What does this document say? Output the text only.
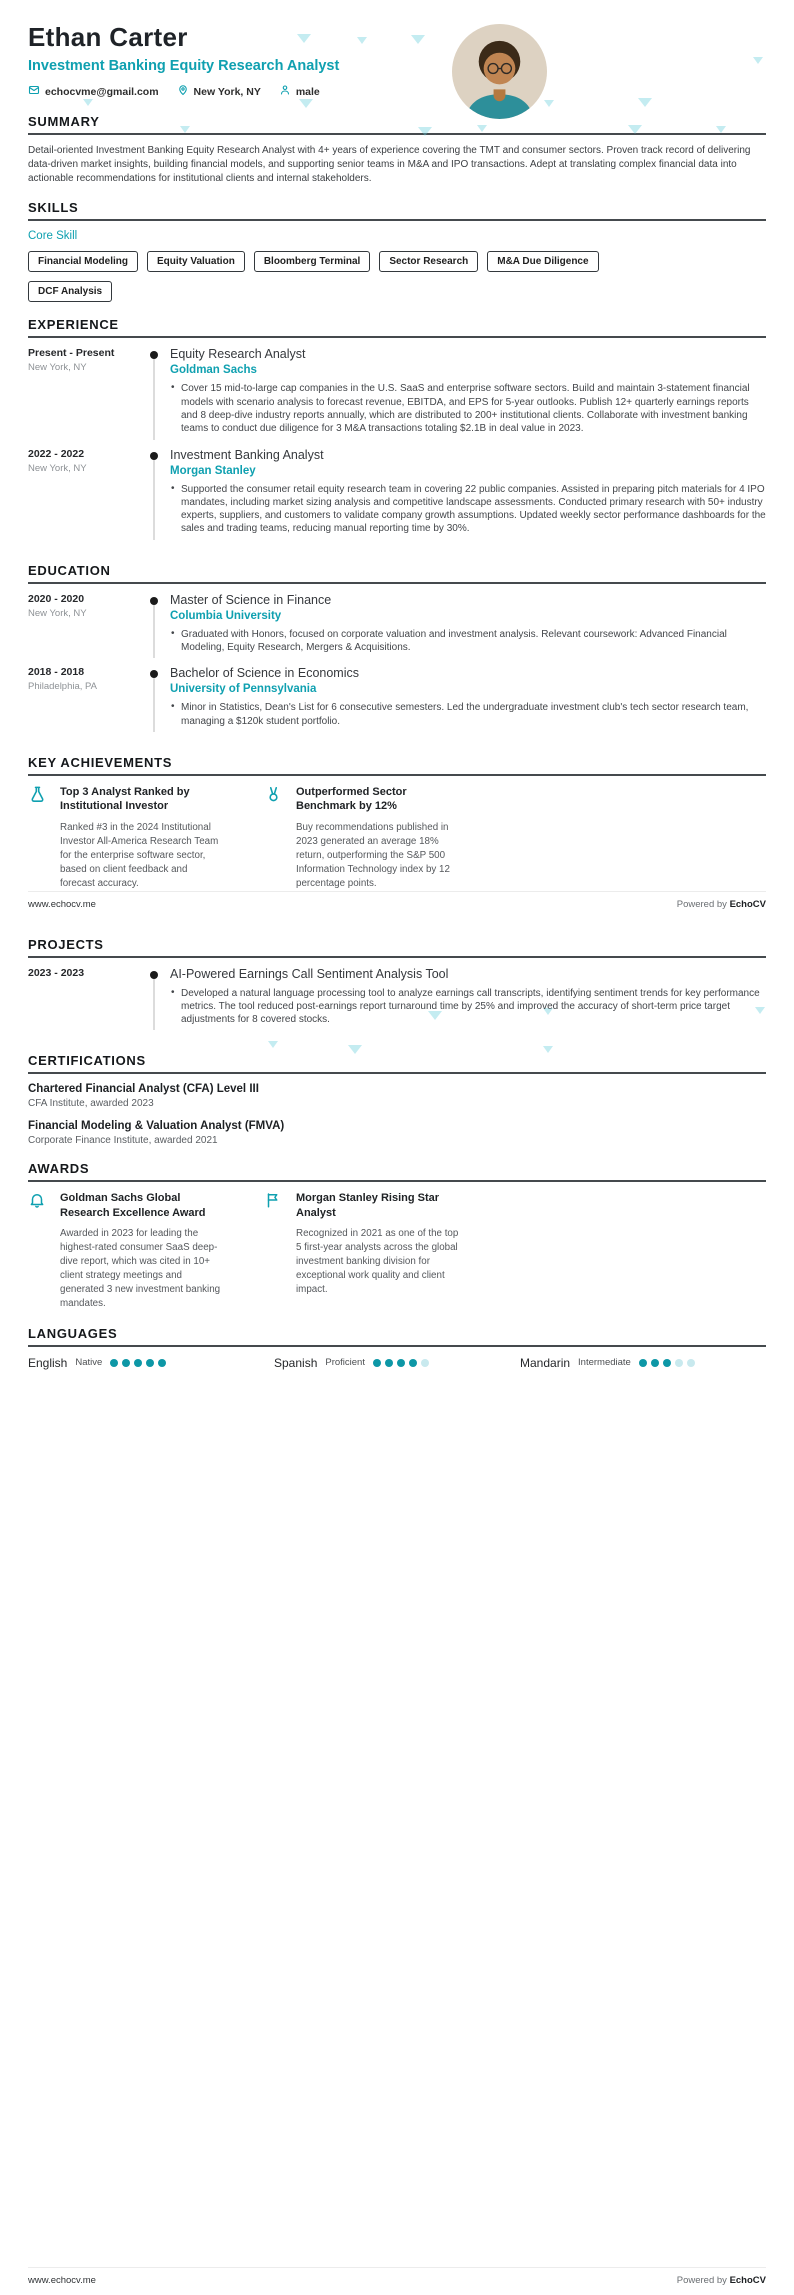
Ethan Carter
Investment Banking Equity Research Analyst
echocvme@gmail.com	New York, NY	male
SUMMARY

Detail-oriented Investment Banking Equity Research Analyst with 4+ years of experience covering the TMT and consumer sectors. Proven track record of delivering data-driven market insights, building financial models, and supporting senior teams in M&A and IPO transactions. Adept at translating complex financial data into actionable recommendations for institutional clients and internal stakeholders.

SKILLS
Core Skill
Financial Modeling	Equity Valuation	Bloomberg Terminal	Sector Research	M&A Due Diligence
DCF Analysis
EXPERIENCE
Present - Present
New York, NY
Equity Research Analyst
Goldman Sachs
• Cover 15 mid-to-large cap companies in the U.S. SaaS and enterprise software sectors. Build and maintain 3-statement financial models with scenario analysis to forecast revenue, EBITDA, and EPS for 5-year outlooks. Publish 12+ quarterly earnings reports and 8 deep-dive industry reports annually, which are distributed to 200+ institutional clients. Collaborate with investment banking teams to conduct due diligence for 3 M&A transactions totaling $2.1B in deal value in 2023.
2022 - 2022
New York, NY
Investment Banking Analyst
Morgan Stanley
• Supported the consumer retail equity research team in covering 22 public companies. Assisted in preparing pitch materials for 4 IPO mandates, including market sizing analysis and competitive landscape assessments. Conducted primary research with 50+ industry experts, suppliers, and customers to validate company growth assumptions. Updated weekly sector performance dashboards for the sales and trading teams, reducing manual reporting time by 30%.
EDUCATION
2020 - 2020
New York, NY
Master of Science in Finance
Columbia University
• Graduated with Honors, focused on corporate valuation and investment analysis. Relevant coursework: Advanced Financial Modeling, Equity Research, Mergers & Acquisitions.
2018 - 2018
Philadelphia, PA
Bachelor of Science in Economics
University of Pennsylvania
• Minor in Statistics, Dean's List for 6 consecutive semesters. Led the undergraduate investment club's tech sector research team, managing a $120k student portfolio.
KEY ACHIEVEMENTS
Top 3 Analyst Ranked by Institutional Investor
Ranked #3 in the 2024 Institutional Investor All-America Research Team for the enterprise software sector, based on client feedback and forecast accuracy.
Outperformed Sector Benchmark by 12%
Buy recommendations published in 2023 generated an average 18% return, outperforming the S&P 500 Information Technology index by 12 percentage points.
www.echocv.me	Powered by EchoCV
PROJECTS
2023 - 2023	AI-Powered Earnings Call Sentiment Analysis Tool
• Developed a natural language processing tool to analyze earnings call transcripts, identifying sentiment trends for key performance metrics. The tool reduced post-earnings report turnaround time by 25% and improved the accuracy of short-term price target adjustments for 8 covered stocks.
CERTIFICATIONS
Chartered Financial Analyst (CFA) Level III
CFA Institute, awarded 2023
Financial Modeling & Valuation Analyst (FMVA)
Corporate Finance Institute, awarded 2021
AWARDS
Goldman Sachs Global Research Excellence Award
Awarded in 2023 for leading the highest-rated consumer SaaS deep-dive report, which was cited in 10+ client strategy meetings and generated 3 new investment banking mandates.
Morgan Stanley Rising Star Analyst
Recognized in 2021 as one of the top 5 first-year analysts across the global investment banking division for exceptional work quality and client impact.
LANGUAGES
English Native	Spanish Proficient	Mandarin Intermediate
www.echocv.me	Powered by EchoCV
